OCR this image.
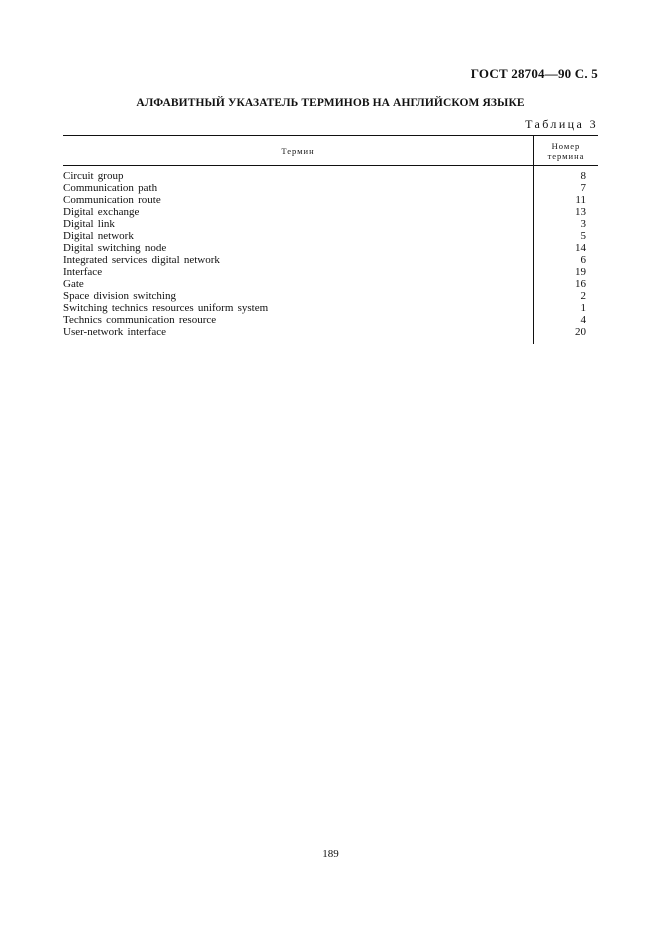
ГОСТ 28704—90 С. 5
АЛФАВИТНЫЙ УКАЗАТЕЛЬ ТЕРМИНОВ НА АНГЛИЙСКОМ ЯЗЫКЕ
Таблица 3
Термин	Номер
термина

Circuit group	8
Communication path	7
Communication route	11
Digital exchange	13
Digital link	3
Digital network	5
Digital switching node	14
Integrated services digital network	6
Interface	19
Gate	16
Space division switching	2
Switching technics resources uniform system	1
Technics communication resource	4
User-network interface	20
189
